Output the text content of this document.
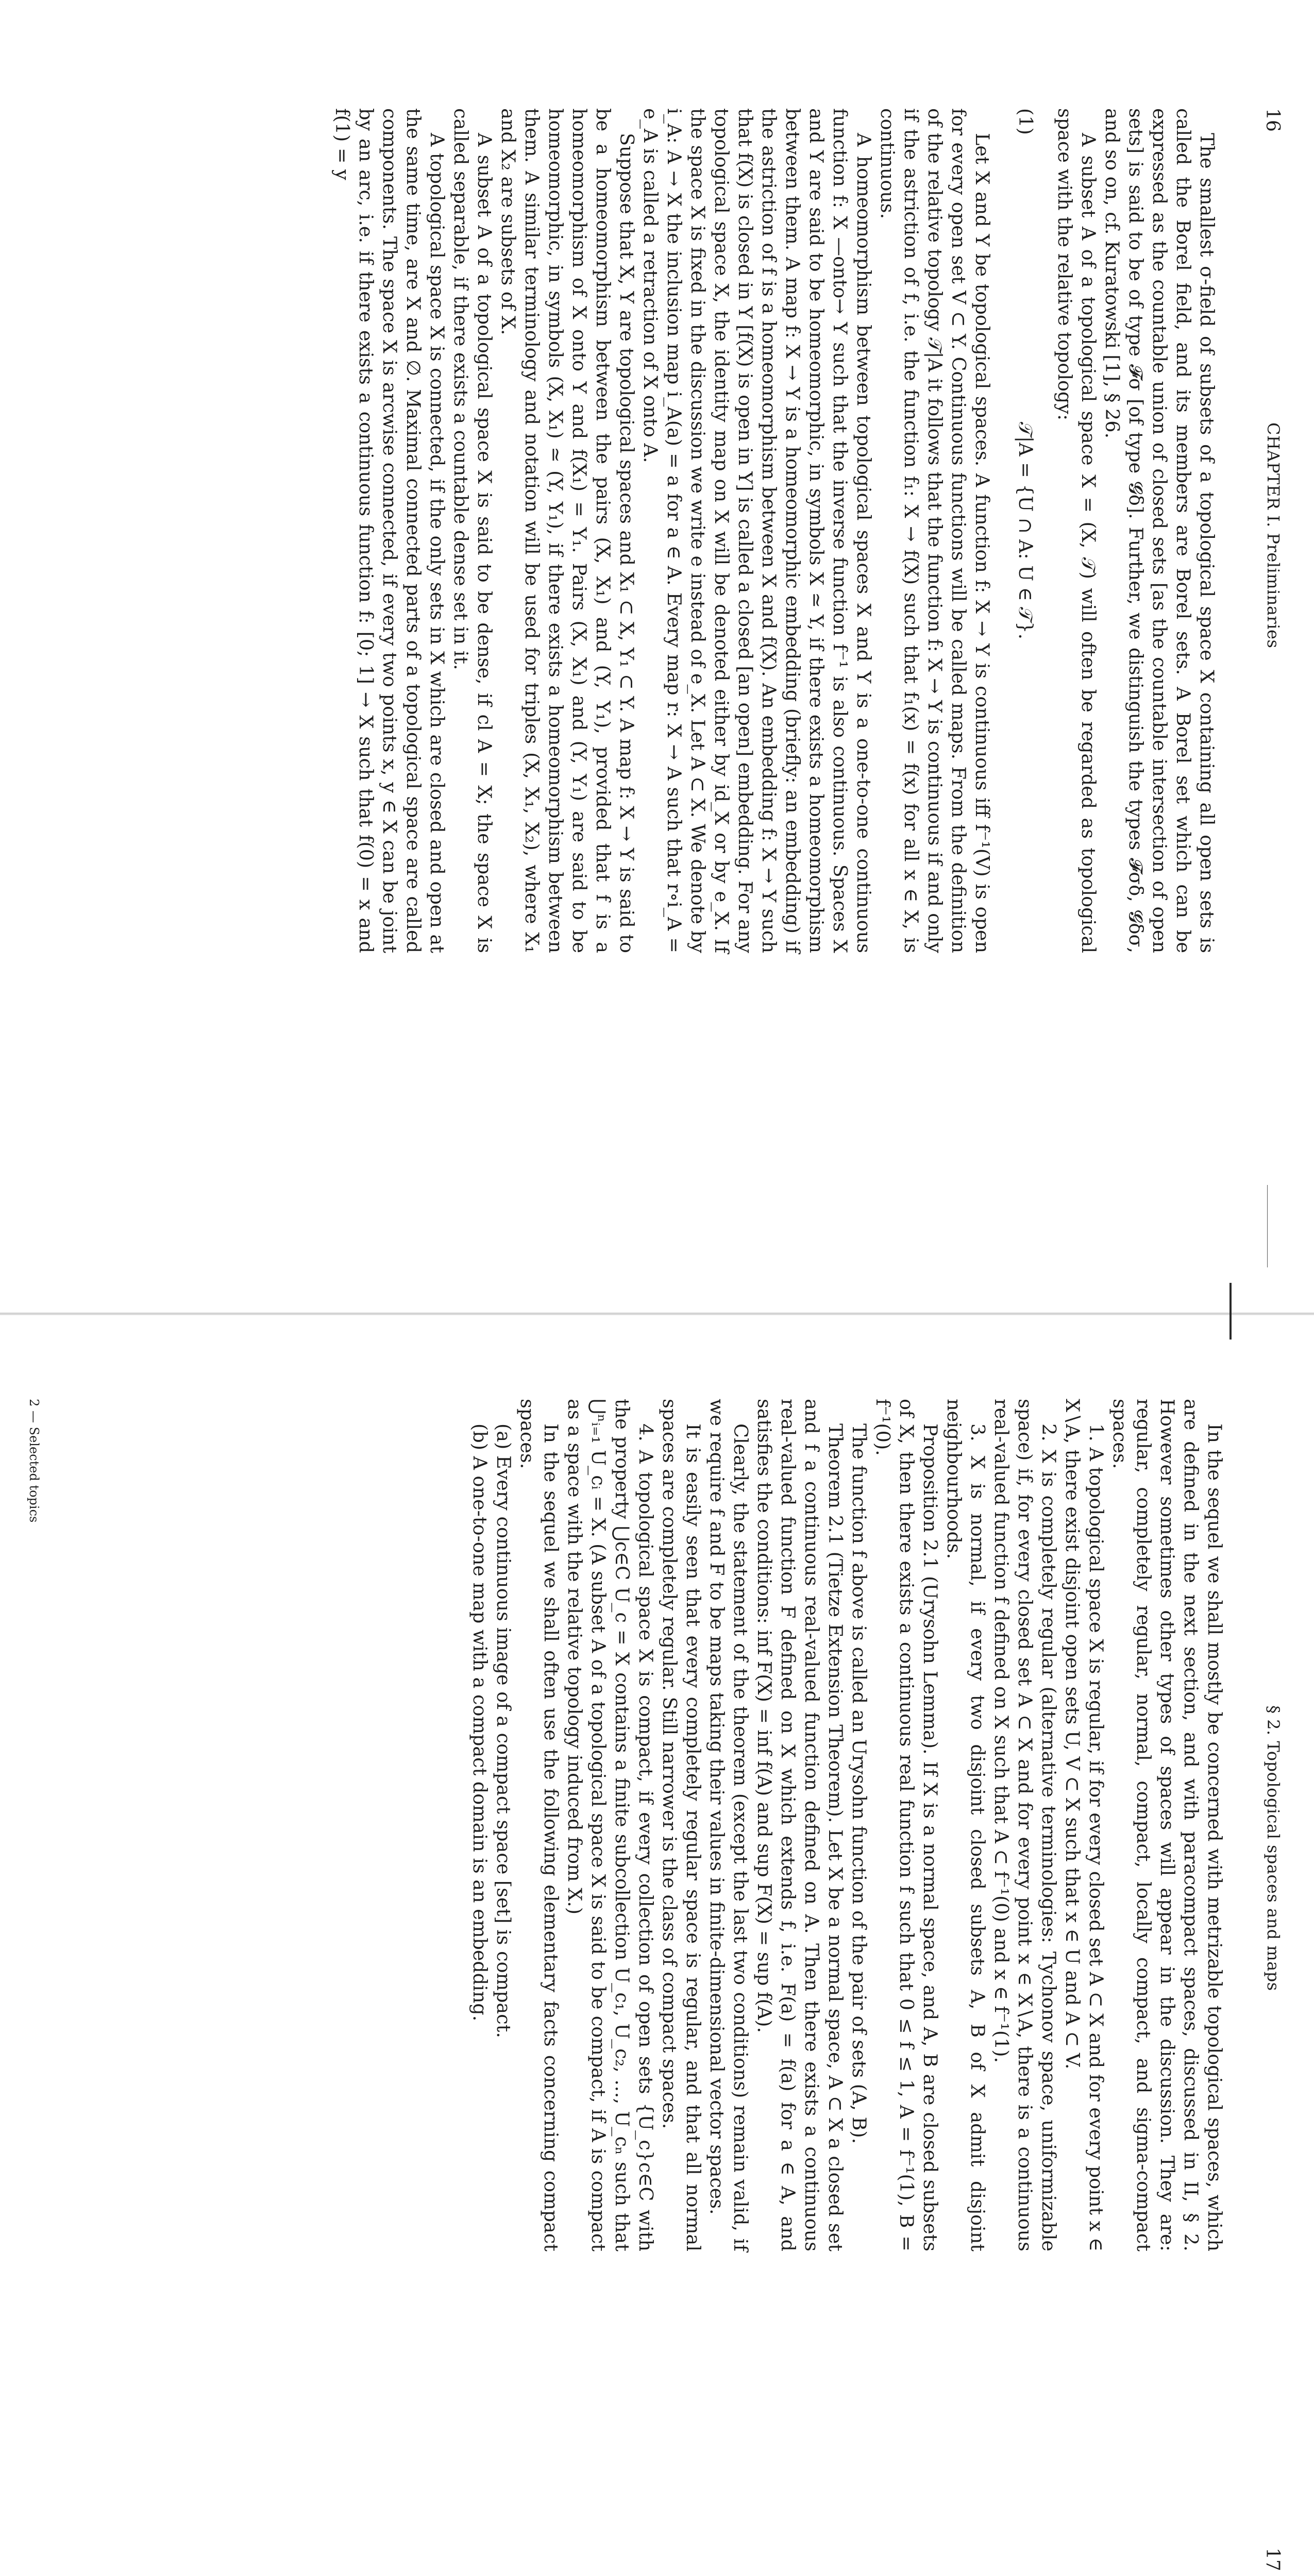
16
CHAPTER I. Preliminaries

The smallest σ-field of subsets of a topological space X containing all open sets is called the Borel field, and its members are Borel sets. A Borel set which can be expressed as the countable union of closed sets [as the countable intersection of open sets] is said to be of type 𝓕σ [of type 𝓖δ]. Further, we distinguish the types 𝓕σδ, 𝓖δσ, and so on, cf. Kuratowski [1], § 26.

A subset A of a topological space X = (X, 𝒯) will often be regarded as topological space with the relative topology:

(1)
𝒯|A = {U ∩ A: U ∈ 𝒯}.

Let X and Y be topological spaces. A function f: X → Y is continuous iff f⁻¹(V) is open for every open set V ⊂ Y. Continuous functions will be called maps. From the definition of the relative topology 𝒯|A it follows that the function f: X → Y is continuous if and only if the astriction of f, i.e. the function f₁: X → f(X) such that f₁(x) = f(x) for all x ∈ X, is continuous.

A homeomorphism between topological spaces X and Y is a one-to-one continuous function f: X —onto→ Y such that the inverse function f⁻¹ is also continuous. Spaces X and Y are said to be homeomorphic, in symbols X ≃ Y, if there exists a homeomorphism between them. A map f: X → Y is a homeomorphic embedding (briefly: an embedding) if the astriction of f is a homeomorphism between X and f(X). An embedding f: X → Y such that f(X) is closed in Y [f(X) is open in Y] is called a closed [an open] embedding. For any topological space X, the identity map on X will be denoted either by id_X or by e_X. If the space X is fixed in the discussion we write e instead of e_X. Let A ⊂ X. We denote by i_A: A → X the inclusion map i_A(a) = a for a ∈ A. Every map r: X → A such that r∘i_A = e_A is called a retraction of X onto A.

Suppose that X, Y are topological spaces and X₁ ⊂ X, Y₁ ⊂ Y. A map f: X → Y is said to be a homeomorphism between the pairs (X, X₁) and (Y, Y₁), provided that f is a homeomorphism of X onto Y and f(X₁) = Y₁. Pairs (X, X₁) and (Y, Y₁) are said to be homeomorphic, in symbols (X, X₁) ≃ (Y, Y₁), if there exists a homeomorphism between them. A similar terminology and notation will be used for triples (X, X₁, X₂), where X₁ and X₂ are subsets of X.

A subset A of a topological space X is said to be dense, if cl A = X; the space X is called separable, if there exists a countable dense set in it.

A topological space X is connected, if the only sets in X which are closed and open at the same time, are X and ∅. Maximal connected parts of a topological space are called components. The space X is arcwise connected, if every two points x, y ∈ X can be joint by an arc, i.e. if there exists a continuous function f: [0; 1] → X such that f(0) = x and f(1) = y

§ 2. Topological spaces and maps
17

In the sequel we shall mostly be concerned with metrizable topological spaces, which are defined in the next section, and with paracompact spaces, discussed in II, § 2. However sometimes other types of spaces will appear in the discussion. They are: regular, completely regular, normal, compact, locally compact, and sigma-compact spaces.

1. A topological space X is regular, if for every closed set A ⊂ X and for every point x ∈ X∖A, there exist disjoint open sets U, V ⊂ X such that x ∈ U and A ⊂ V.

2. X is completely regular (alternative terminologies: Tychonov space, uniformizable space) if, for every closed set A ⊂ X and for every point x ∈ X∖A, there is a continuous real-valued function f defined on X such that A ⊂ f⁻¹(0) and x ∈ f⁻¹(1).

3. X is normal, if every two disjoint closed subsets A, B of X admit disjoint neighbourhoods.

Proposition 2.1 (Urysohn Lemma). If X is a normal space, and A, B are closed subsets of X, then there exists a continuous real function f such that 0 ≤ f ≤ 1, A = f⁻¹(1), B = f⁻¹(0).

The function f above is called an Urysohn function of the pair of sets (A, B).

Theorem 2.1 (Tietze Extension Theorem). Let X be a normal space, A ⊂ X a closed set and f a continuous real-valued function defined on A. Then there exists a continuous real-valued function F defined on X which extends f, i.e. F(a) = f(a) for a ∈ A, and satisfies the conditions: inf F(X) = inf f(A) and sup F(X) = sup f(A).

Clearly, the statement of the theorem (except the last two conditions) remain valid, if we require f and F to be maps taking their values in finite-dimensional vector spaces.

It is easily seen that every completely regular space is regular, and that all normal spaces are completely regular. Still narrower is the class of compact spaces.

4. A topological space X is compact, if every collection of open sets {U_c}c∈C with the property ⋃c∈C U_c = X contains a finite subcollection U_c₁, U_c₂, …, U_cₙ such that ⋃ⁿᵢ₌₁ U_cᵢ = X. (A subset A of a topological space X is said to be compact, if A is compact as a space with the relative topology induced from X.)

In the sequel we shall often use the following elementary facts concerning compact spaces.

(a) Every continuous image of a compact space [set] is compact.

(b) A one-to-one map with a compact domain is an embedding.

2 — Selected topics
